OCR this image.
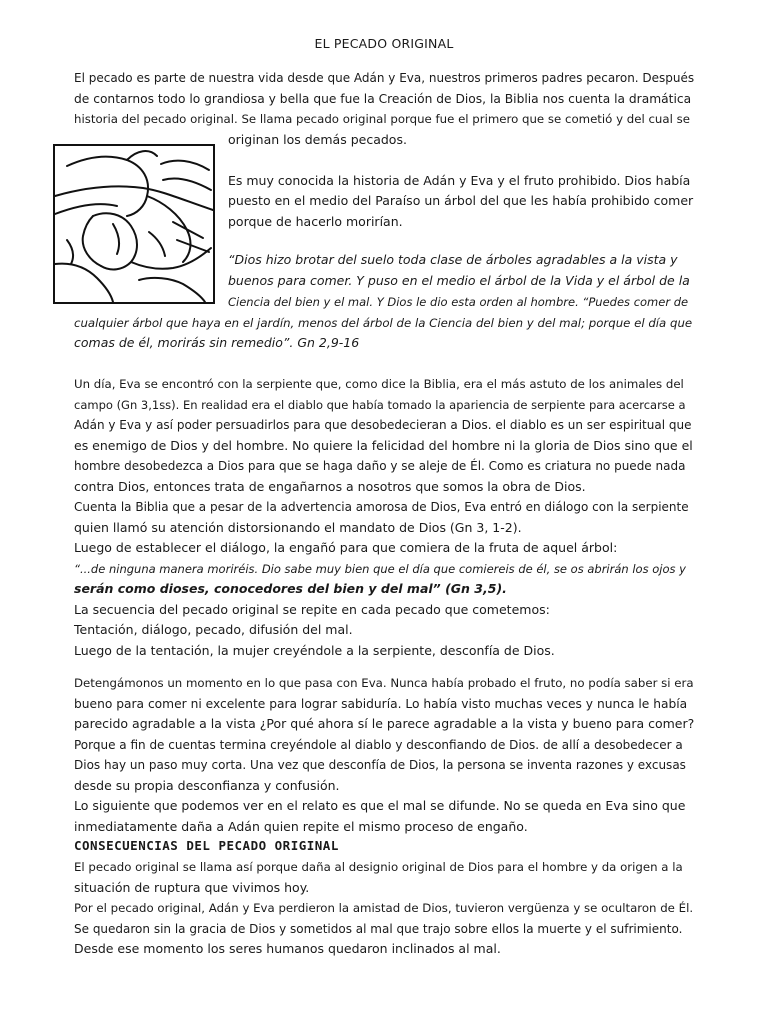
EL PECADO ORIGINAL
El pecado es parte de nuestra vida desde que Adán y Eva, nuestros primeros padres pecaron. Después
de contarnos todo lo grandiosa y bella que fue la Creación de Dios, la Biblia nos cuenta la dramática
historia del pecado original. Se llama pecado original porque fue el primero que se cometió y del cual se
originan los demás pecados.
Es muy conocida la historia de Adán y Eva y el fruto prohibido. Dios había
puesto en el medio del Paraíso un árbol del que les había prohibido comer
porque de hacerlo morirían.
“Dios hizo brotar del suelo toda clase de árboles agradables a la vista y
buenos para comer. Y puso en el medio el árbol de la Vida y el árbol de la
Ciencia del bien y el mal. Y Dios le dio esta orden al hombre. “Puedes comer de
cualquier árbol que haya en el jardín, menos del árbol de la Ciencia del bien y del mal; porque el día que
comas de él, morirás sin remedio”. Gn 2,9-16
Un día, Eva se encontró con la serpiente que, como dice la Biblia, era el más astuto de los animales del
campo (Gn 3,1ss). En realidad era el diablo que había tomado la apariencia de serpiente para acercarse a
Adán y Eva y así poder persuadirlos para que desobedecieran a Dios. el diablo es un ser espiritual que
es enemigo de Dios y del hombre. No quiere la felicidad del hombre ni la gloria de Dios sino que el
hombre desobedezca a Dios para que se haga daño y se aleje de Él. Como es criatura no puede nada
contra Dios, entonces trata de engañarnos a nosotros que somos la obra de Dios.
Cuenta la Biblia que a pesar de la advertencia amorosa de Dios, Eva entró en diálogo con la serpiente
quien llamó su atención distorsionando el mandato de Dios (Gn 3, 1-2).
Luego de establecer el diálogo, la engañó para que comiera de la fruta de aquel árbol:
“...de ninguna manera moriréis. Dio sabe muy bien que el día que comiereis de él, se os abrirán los ojos y
serán como dioses, conocedores del bien y del mal” (Gn 3,5).
La secuencia del pecado original se repite en cada pecado que cometemos:
Tentación, diálogo, pecado, difusión del mal.
Luego de la tentación, la mujer creyéndole a la serpiente, desconfía de Dios.
Detengámonos un momento en lo que pasa con Eva. Nunca había probado el fruto, no podía saber si era
bueno para comer ni excelente para lograr sabiduría. Lo había visto muchas veces y nunca le había
parecido agradable a la vista ¿Por qué ahora sí le parece agradable a la vista y bueno para comer?
Porque a fin de cuentas termina creyéndole al diablo y desconfiando de Dios. de allí a desobedecer a
Dios hay un paso muy corta. Una vez que desconfía de Dios, la persona se inventa razones y excusas
desde su propia desconfianza y confusión.
Lo siguiente que podemos ver en el relato es que el mal se difunde. No se queda en Eva sino que
inmediatamente daña a Adán quien repite el mismo proceso de engaño.
CONSECUENCIAS DEL PECADO ORIGINAL
El pecado original se llama así porque daña al designio original de Dios para el hombre y da origen a la
situación de ruptura que vivimos hoy.
Por el pecado original, Adán y Eva perdieron la amistad de Dios, tuvieron vergüenza y se ocultaron de Él.
Se quedaron sin la gracia de Dios y sometidos al mal que trajo sobre ellos la muerte y el sufrimiento.
Desde ese momento los seres humanos quedaron inclinados al mal.
